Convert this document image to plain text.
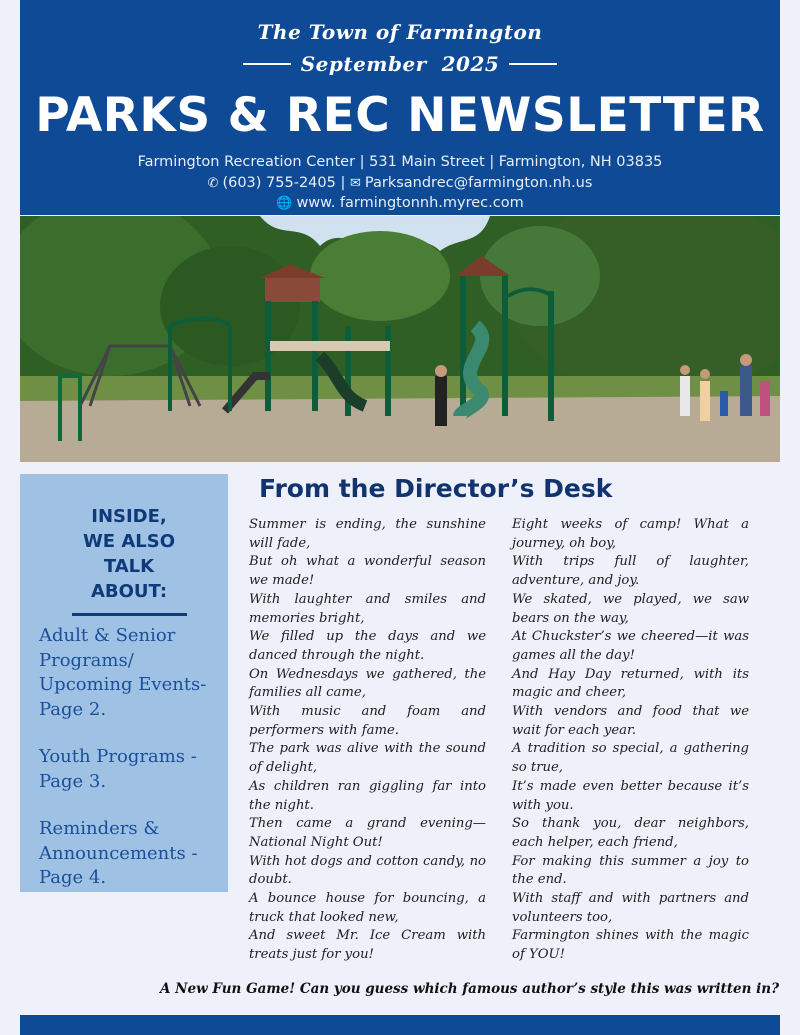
The Town of Farmington
September  2025
PARKS & REC NEWSLETTER
Farmington Recreation Center | 531 Main Street | Farmington, NH 03835
✆ (603) 755-2405 | ✉ Parksandrec@farmington.nh.us
🌐 www. farmingtonnh.myrec.com
INSIDE,
WE ALSO
TALK
ABOUT:
Adult & Senior Programs/ Upcoming Events- Page 2.
Youth Programs - Page 3.
Reminders & Announcements - Page 4.
From the Director’s Desk

Summer is ending, the sunshine will fade,

But oh what a wonderful season we made!

With laughter and smiles and memories bright,

We filled up the days and we danced through the night.

On Wednesdays we gathered, the families all came,

With music and foam and performers with fame.

The park was alive with the sound of delight,

As children ran giggling far into the night.

Then came a grand evening—National Night Out!

With hot dogs and cotton candy, no doubt.

A bounce house for bouncing, a truck that looked new,

And sweet Mr. Ice Cream with treats just for you!

Eight weeks of camp! What a journey, oh boy,

With trips full of laughter, adventure, and joy.

We skated, we played, we saw bears on the way,

At Chuckster’s we cheered—it was games all the day!

And Hay Day returned, with its magic and cheer,

With vendors and food that we wait for each year.

A tradition so special, a gathering so true,

It’s made even better because it’s with you.

So thank you, dear neighbors, each helper, each friend,

For making this summer a joy to the end.

With staff and with partners and volunteers too,

Farmington shines with the magic of YOU!

A New Fun Game! Can you guess which famous author’s style this was written in?
